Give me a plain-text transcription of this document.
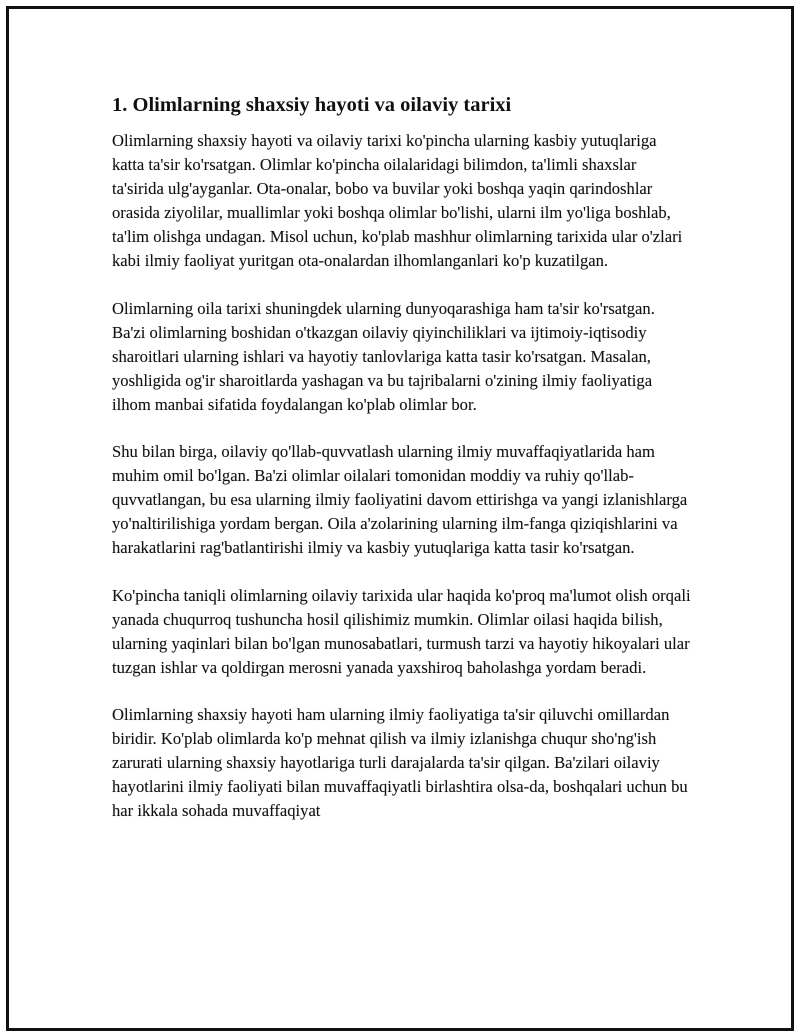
1. Olimlarning shaxsiy hayoti va oilaviy tarixi

Olimlarning shaxsiy hayoti va oilaviy tarixi ko'pincha ularning kasbiy yutuqlariga katta ta'sir ko'rsatgan. Olimlar ko'pincha oilalaridagi bilimdon, ta'limli shaxslar ta'sirida ulg'ayganlar. Ota-onalar, bobo va buvilar yoki boshqa yaqin qarindoshlar orasida ziyolilar, muallimlar yoki boshqa olimlar bo'lishi, ularni ilm yo'liga boshlab, ta'lim olishga undagan. Misol uchun, ko'plab mashhur olimlarning tarixida ular o'zlari kabi ilmiy faoliyat yuritgan ota-onalardan ilhomlanganlari ko'p kuzatilgan.

Olimlarning oila tarixi shuningdek ularning dunyoqarashiga ham ta'sir ko'rsatgan. Ba'zi olimlarning boshidan o'tkazgan oilaviy qiyinchiliklari va ijtimoiy-iqtisodiy sharoitlari ularning ishlari va hayotiy tanlovlariga katta tasir ko'rsatgan. Masalan, yoshligida og'ir sharoitlarda yashagan va bu tajribalarni o'zining ilmiy faoliyatiga ilhom manbai sifatida foydalangan ko'plab olimlar bor.

Shu bilan birga, oilaviy qo'llab-quvvatlash ularning ilmiy muvaffaqiyatlarida ham muhim omil bo'lgan. Ba'zi olimlar oilalari tomonidan moddiy va ruhiy qo'llab-quvvatlangan, bu esa ularning ilmiy faoliyatini davom ettirishga va yangi izlanishlarga yo'naltirilishiga yordam bergan. Oila a'zolarining ularning ilm-fanga qiziqishlarini va harakatlarini rag'batlantirishi ilmiy va kasbiy yutuqlariga katta tasir ko'rsatgan.

Ko'pincha taniqli olimlarning oilaviy tarixida ular haqida ko'proq ma'lumot olish orqali yanada chuqurroq tushuncha hosil qilishimiz mumkin. Olimlar oilasi haqida bilish, ularning yaqinlari bilan bo'lgan munosabatlari, turmush tarzi va hayotiy hikoyalari ular tuzgan ishlar va qoldirgan merosni yanada yaxshiroq baholashga yordam beradi.

Olimlarning shaxsiy hayoti ham ularning ilmiy faoliyatiga ta'sir qiluvchi omillardan biridir. Ko'plab olimlarda ko'p mehnat qilish va ilmiy izlanishga chuqur sho'ng'ish zarurati ularning shaxsiy hayotlariga turli darajalarda ta'sir qilgan. Ba'zilari oilaviy hayotlarini ilmiy faoliyati bilan muvaffaqiyatli birlashtira olsa-da, boshqalari uchun bu har ikkala sohada muvaffaqiyat
